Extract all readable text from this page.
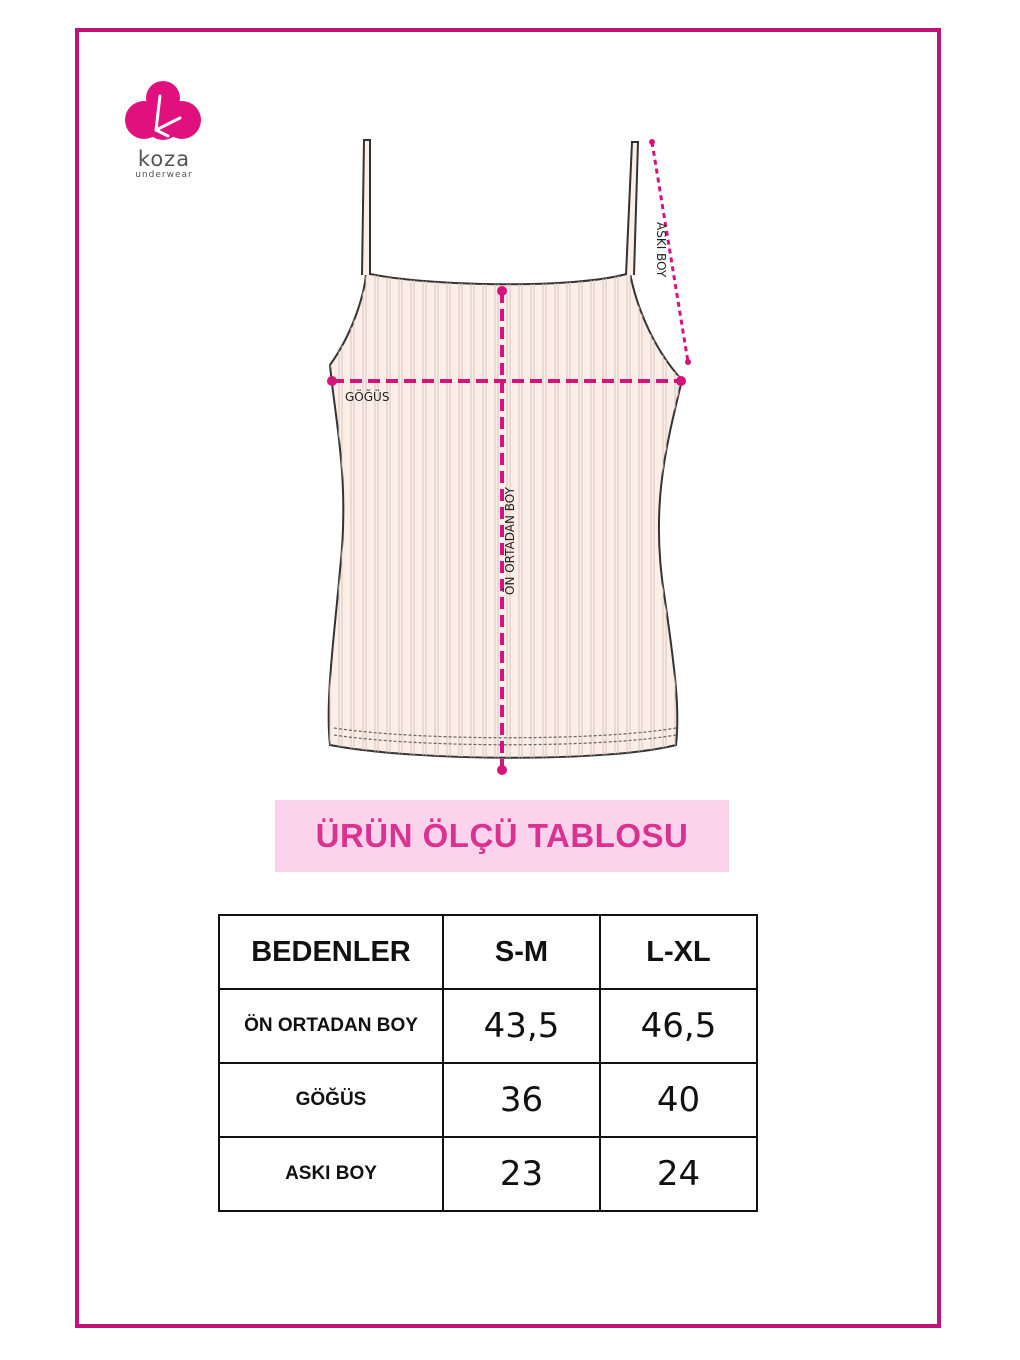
koza
underwear
GÖĞÜS
ÖN ORTADAN BOY
ASKI BOY
ÜRÜN ÖLÇÜ TABLOSU
BEDENLER	S-M	L-XL
ÖN ORTADAN BOY	43,5	46,5
GÖĞÜS	36	40
ASKI BOY	23	24
